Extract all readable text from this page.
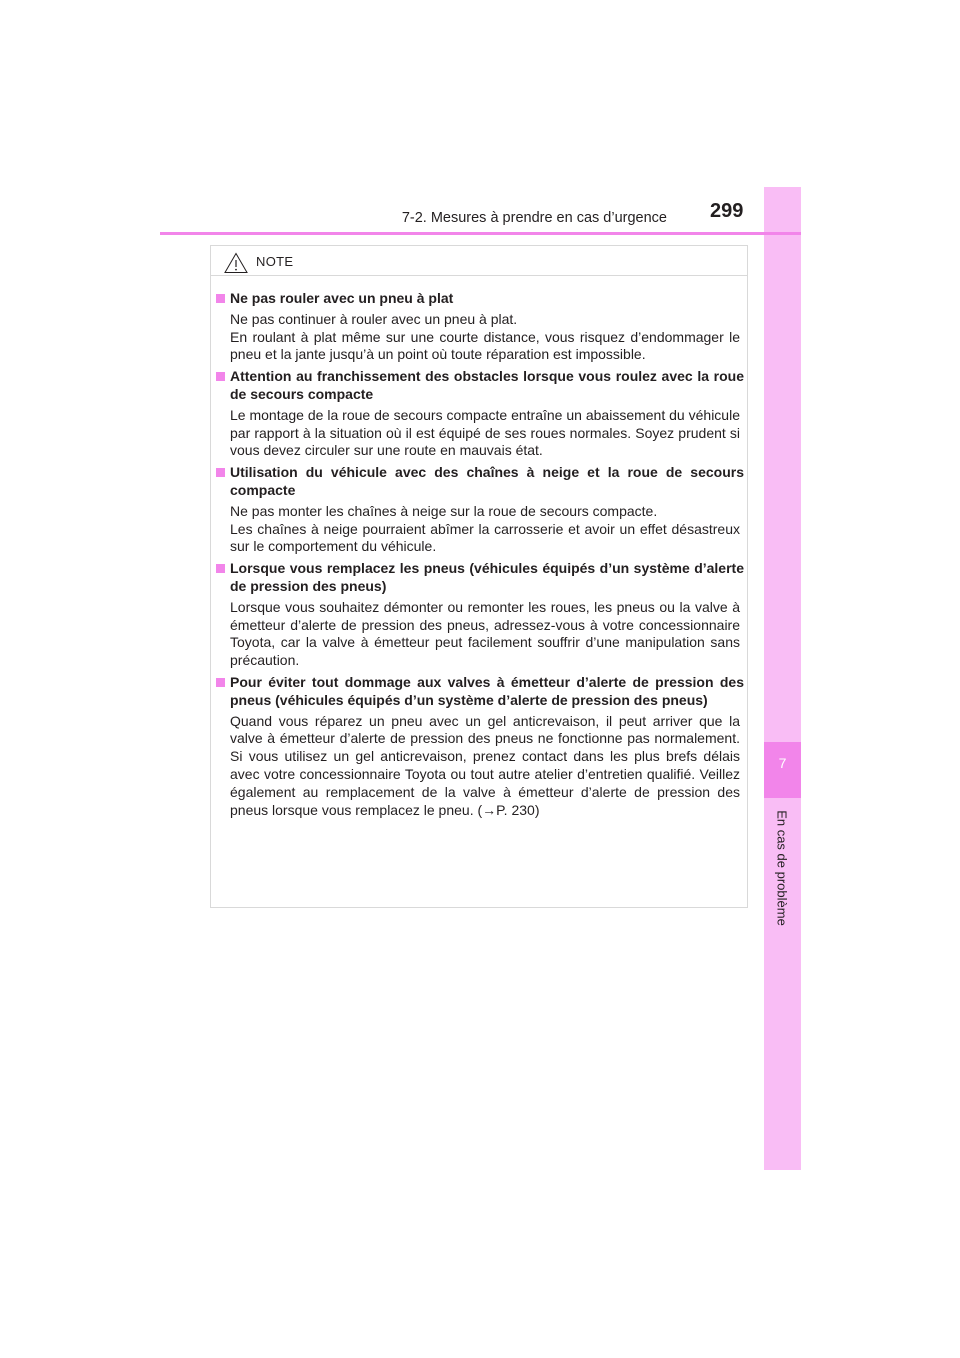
7
En cas de problème
7-2. Mesures à prendre en cas d’urgence 299
NOTE
Ne pas rouler avec un pneu à plat

Ne pas continuer à rouler avec un pneu à plat.

En roulant à plat même sur une courte distance, vous risquez d’endommager le pneu et la jante jusqu’à un point où toute réparation est impossible.

Attention au franchissement des obstacles lorsque vous roulez avec la roue de secours compacte

Le montage de la roue de secours compacte entraîne un abaissement du véhicule par rapport à la situation où il est équipé de ses roues normales. Soyez prudent si vous devez circuler sur une route en mauvais état.

Utilisation du véhicule avec des chaînes à neige et la roue de secours compacte

Ne pas monter les chaînes à neige sur la roue de secours compacte.

Les chaînes à neige pourraient abîmer la carrosserie et avoir un effet désastreux sur le comportement du véhicule.

Lorsque vous remplacez les pneus (véhicules équipés d’un système d’alerte de pression des pneus)

Lorsque vous souhaitez démonter ou remonter les roues, les pneus ou la valve à émetteur d’alerte de pression des pneus, adressez-vous à votre concessionnaire Toyota, car la valve à émetteur peut facilement souffrir d’une manipulation sans précaution.

Pour éviter tout dommage aux valves à émetteur d’alerte de pression des pneus (véhicules équipés d’un système d’alerte de pression des pneus)

Quand vous réparez un pneu avec un gel anticrevaison, il peut arriver que la valve à émetteur d’alerte de pression des pneus ne fonctionne pas normalement. Si vous utilisez un gel anticrevaison, prenez contact dans les plus brefs délais avec votre concessionnaire Toyota ou tout autre atelier d’entretien qualifié. Veillez également au remplacement de la valve à émetteur d’alerte de pression des pneus lorsque vous remplacez le pneu. (→P. 230)
